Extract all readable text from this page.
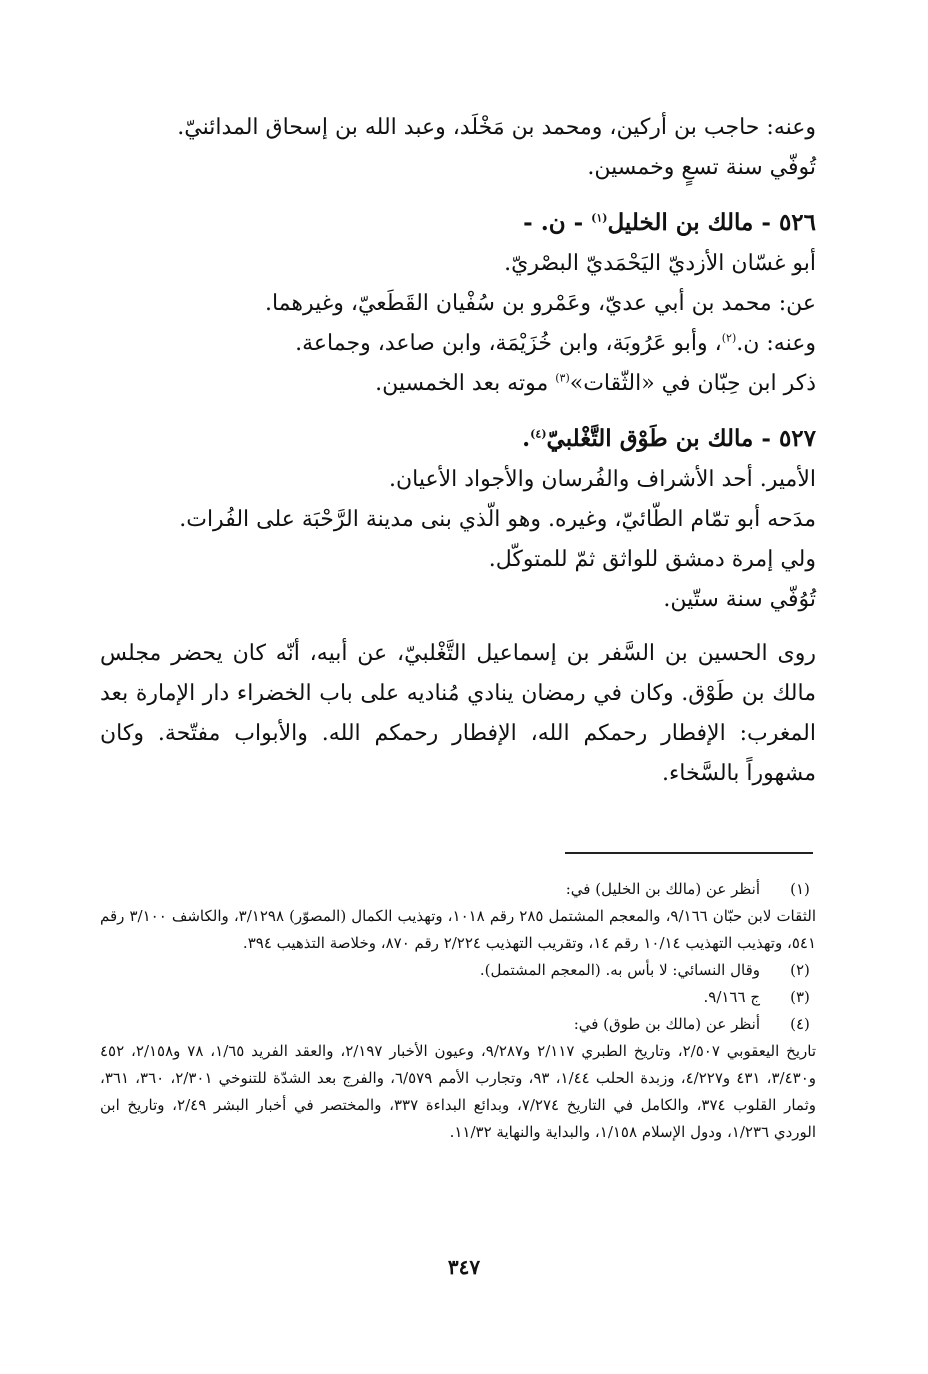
وعنه: حاجب بن أركين، ومحمد بن مَخْلَد، وعبد الله بن إسحاق المدائنيّ.

تُوفّي سنة تسعٍ وخمسين.

٥٢٦ - مالك بن الخليل$^{(١)}$ - ن. -

أبو غسّان الأزديّ اليَحْمَديّ البصْريّ.

عن: محمد بن أبي عديّ، وعَمْرو بن سُفْيان القَطَعيّ، وغيرهما.

وعنه: ن.$^{(٢)}$، وأبو عَرُوبَة، وابن خُزَيْمَة، وابن صاعد، وجماعة.

ذكر ابن حِبّان في «الثّقات»$^{(٣)}$ موته بعد الخمسين.

٥٢٧ - مالك بن طَوْق التَّغْلبيّ$^{(٤)}$.

الأمير. أحد الأشراف والفُرسان والأجواد الأعيان.

مدَحه أبو تمّام الطّائيّ، وغيره. وهو الّذي بنى مدينة الرَّحْبَة على الفُرات.

ولي إمرة دمشق للواثق ثمّ للمتوكّل.

تُوُفّي سنة ستّين.

روى الحسين بن السَّفر بن إسماعيل التَّغْلبيّ، عن أبيه، أنّه كان يحضر مجلس مالك بن طَوْق. وكان في رمضان ينادي مُناديه على باب الخضراء دار الإمارة بعد المغرب: الإفطار رحمكم الله، الإفطار رحمكم الله. والأبواب مفتّحة. وكان مشهوراً بالسَّخاء.

(١)
أنظر عن (مالك بن الخليل) في:
الثقات لابن حبّان ٩/١٦٦، والمعجم المشتمل ٢٨٥ رقم ١٠١٨، وتهذيب الكمال (المصوّر) ٣/١٢٩٨، والكاشف ٣/١٠٠ رقم ٥٤١، وتهذيب التهذيب ١٠/١٤ رقم ١٤، وتقريب التهذيب ٢/٢٢٤ رقم ٨٧٠، وخلاصة التذهيب ٣٩٤.
(٢)
وقال النسائي: لا بأس به. (المعجم المشتمل).
(٣)
ج ٩/١٦٦.
(٤)
أنظر عن (مالك بن طوق) في:
تاريخ اليعقوبي ٢/٥٠٧، وتاريخ الطبري ٢/١١٧ و٩/٢٨٧، وعيون الأخبار ٢/١٩٧، والعقد الفريد ١/٦٥، ٧٨ و٢/١٥٨، ٤٥٢ و٣/٤٣٠، ٤٣١ و٤/٢٢٧، وزبدة الحلب ١/٤٤، ٩٣، وتجارب الأمم ٦/٥٧٩، والفرج بعد الشدّة للتنوخي ٢/٣٠١، ٣٦٠، ٣٦١، وثمار القلوب ٣٧٤، والكامل في التاريخ ٧/٢٧٤، وبدائع البداءة ٣٣٧، والمختصر في أخبار البشر ٢/٤٩، وتاريخ ابن الوردي ١/٢٣٦، ودول الإسلام ١/١٥٨، والبداية والنهاية ١١/٣٢.
٣٤٧
